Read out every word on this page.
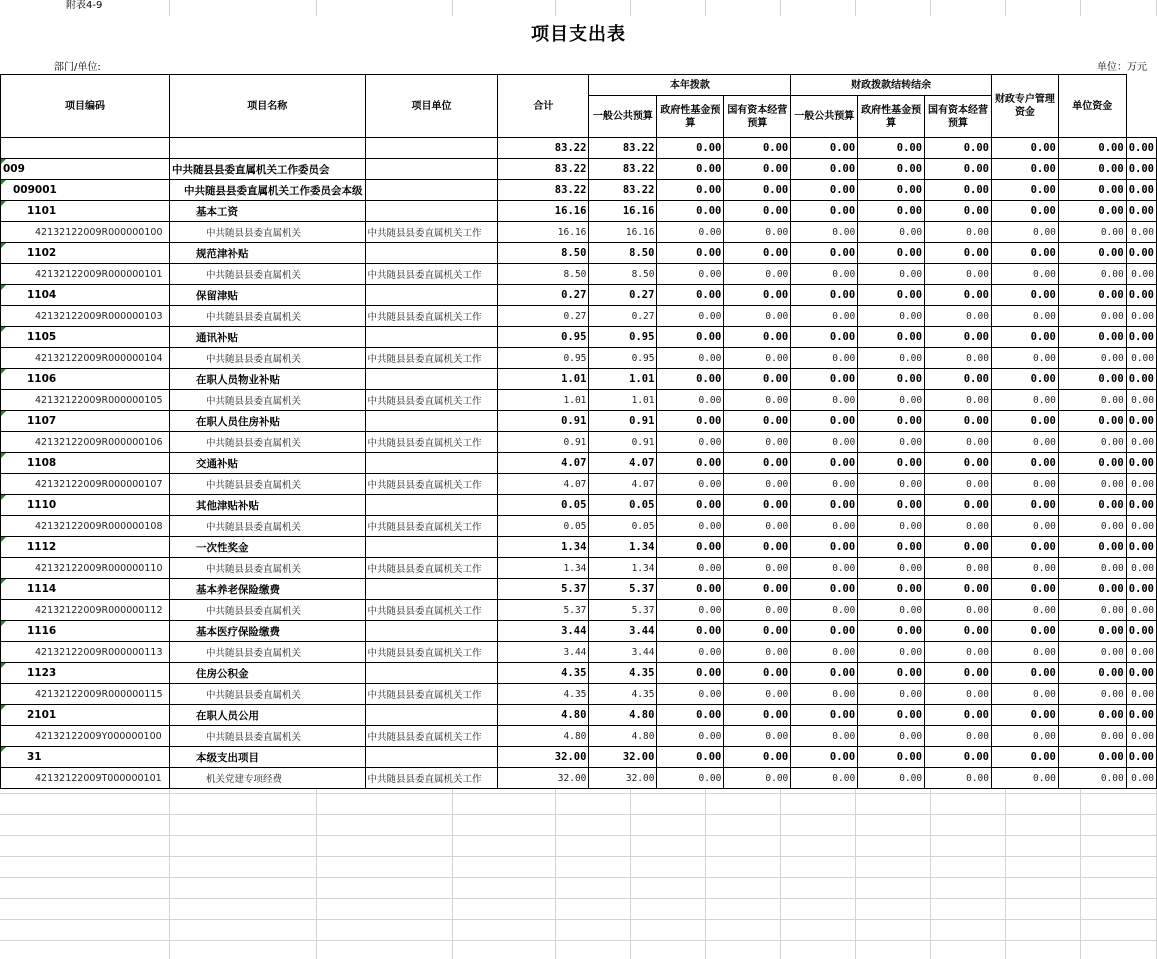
附表4-9
项目支出表
部门/单位:	单位：万元
项目编码	项目名称	项目单位	合计	本年拨款			财政拨款结转结余			财政专户管理资金	单位资金	
				一般公共预算	政府性基金预算	国有资本经营预算	一般公共预算	政府性基金预算	国有资本经营预算			
			83.22	83.22	0.00	0.00	0.00	0.00	0.00	0.00	0.00	0.00
009	中共随县县委直属机关工作委员会		83.22	83.22	0.00	0.00	0.00	0.00	0.00	0.00	0.00	0.00
009001	中共随县县委直属机关工作委员会本级		83.22	83.22	0.00	0.00	0.00	0.00	0.00	0.00	0.00	0.00
1101	基本工资		16.16	16.16	0.00	0.00	0.00	0.00	0.00	0.00	0.00	0.00
42132122009R000000100	中共随县县委直属机关	中共随县县委直属机关工作	16.16	16.16	0.00	0.00	0.00	0.00	0.00	0.00	0.00	0.00
1102	规范津补贴		8.50	8.50	0.00	0.00	0.00	0.00	0.00	0.00	0.00	0.00
42132122009R000000101	中共随县县委直属机关	中共随县县委直属机关工作	8.50	8.50	0.00	0.00	0.00	0.00	0.00	0.00	0.00	0.00
1104	保留津贴		0.27	0.27	0.00	0.00	0.00	0.00	0.00	0.00	0.00	0.00
42132122009R000000103	中共随县县委直属机关	中共随县县委直属机关工作	0.27	0.27	0.00	0.00	0.00	0.00	0.00	0.00	0.00	0.00
1105	通讯补贴		0.95	0.95	0.00	0.00	0.00	0.00	0.00	0.00	0.00	0.00
42132122009R000000104	中共随县县委直属机关	中共随县县委直属机关工作	0.95	0.95	0.00	0.00	0.00	0.00	0.00	0.00	0.00	0.00
1106	在职人员物业补贴		1.01	1.01	0.00	0.00	0.00	0.00	0.00	0.00	0.00	0.00
42132122009R000000105	中共随县县委直属机关	中共随县县委直属机关工作	1.01	1.01	0.00	0.00	0.00	0.00	0.00	0.00	0.00	0.00
1107	在职人员住房补贴		0.91	0.91	0.00	0.00	0.00	0.00	0.00	0.00	0.00	0.00
42132122009R000000106	中共随县县委直属机关	中共随县县委直属机关工作	0.91	0.91	0.00	0.00	0.00	0.00	0.00	0.00	0.00	0.00
1108	交通补贴		4.07	4.07	0.00	0.00	0.00	0.00	0.00	0.00	0.00	0.00
42132122009R000000107	中共随县县委直属机关	中共随县县委直属机关工作	4.07	4.07	0.00	0.00	0.00	0.00	0.00	0.00	0.00	0.00
1110	其他津贴补贴		0.05	0.05	0.00	0.00	0.00	0.00	0.00	0.00	0.00	0.00
42132122009R000000108	中共随县县委直属机关	中共随县县委直属机关工作	0.05	0.05	0.00	0.00	0.00	0.00	0.00	0.00	0.00	0.00
1112	一次性奖金		1.34	1.34	0.00	0.00	0.00	0.00	0.00	0.00	0.00	0.00
42132122009R000000110	中共随县县委直属机关	中共随县县委直属机关工作	1.34	1.34	0.00	0.00	0.00	0.00	0.00	0.00	0.00	0.00
1114	基本养老保险缴费		5.37	5.37	0.00	0.00	0.00	0.00	0.00	0.00	0.00	0.00
42132122009R000000112	中共随县县委直属机关	中共随县县委直属机关工作	5.37	5.37	0.00	0.00	0.00	0.00	0.00	0.00	0.00	0.00
1116	基本医疗保险缴费		3.44	3.44	0.00	0.00	0.00	0.00	0.00	0.00	0.00	0.00
42132122009R000000113	中共随县县委直属机关	中共随县县委直属机关工作	3.44	3.44	0.00	0.00	0.00	0.00	0.00	0.00	0.00	0.00
1123	住房公积金		4.35	4.35	0.00	0.00	0.00	0.00	0.00	0.00	0.00	0.00
42132122009R000000115	中共随县县委直属机关	中共随县县委直属机关工作	4.35	4.35	0.00	0.00	0.00	0.00	0.00	0.00	0.00	0.00
2101	在职人员公用		4.80	4.80	0.00	0.00	0.00	0.00	0.00	0.00	0.00	0.00
42132122009Y000000100	中共随县县委直属机关	中共随县县委直属机关工作	4.80	4.80	0.00	0.00	0.00	0.00	0.00	0.00	0.00	0.00
31	本级支出项目		32.00	32.00	0.00	0.00	0.00	0.00	0.00	0.00	0.00	0.00
42132122009T000000101	机关党建专项经费	中共随县县委直属机关工作	32.00	32.00	0.00	0.00	0.00	0.00	0.00	0.00	0.00	0.00
